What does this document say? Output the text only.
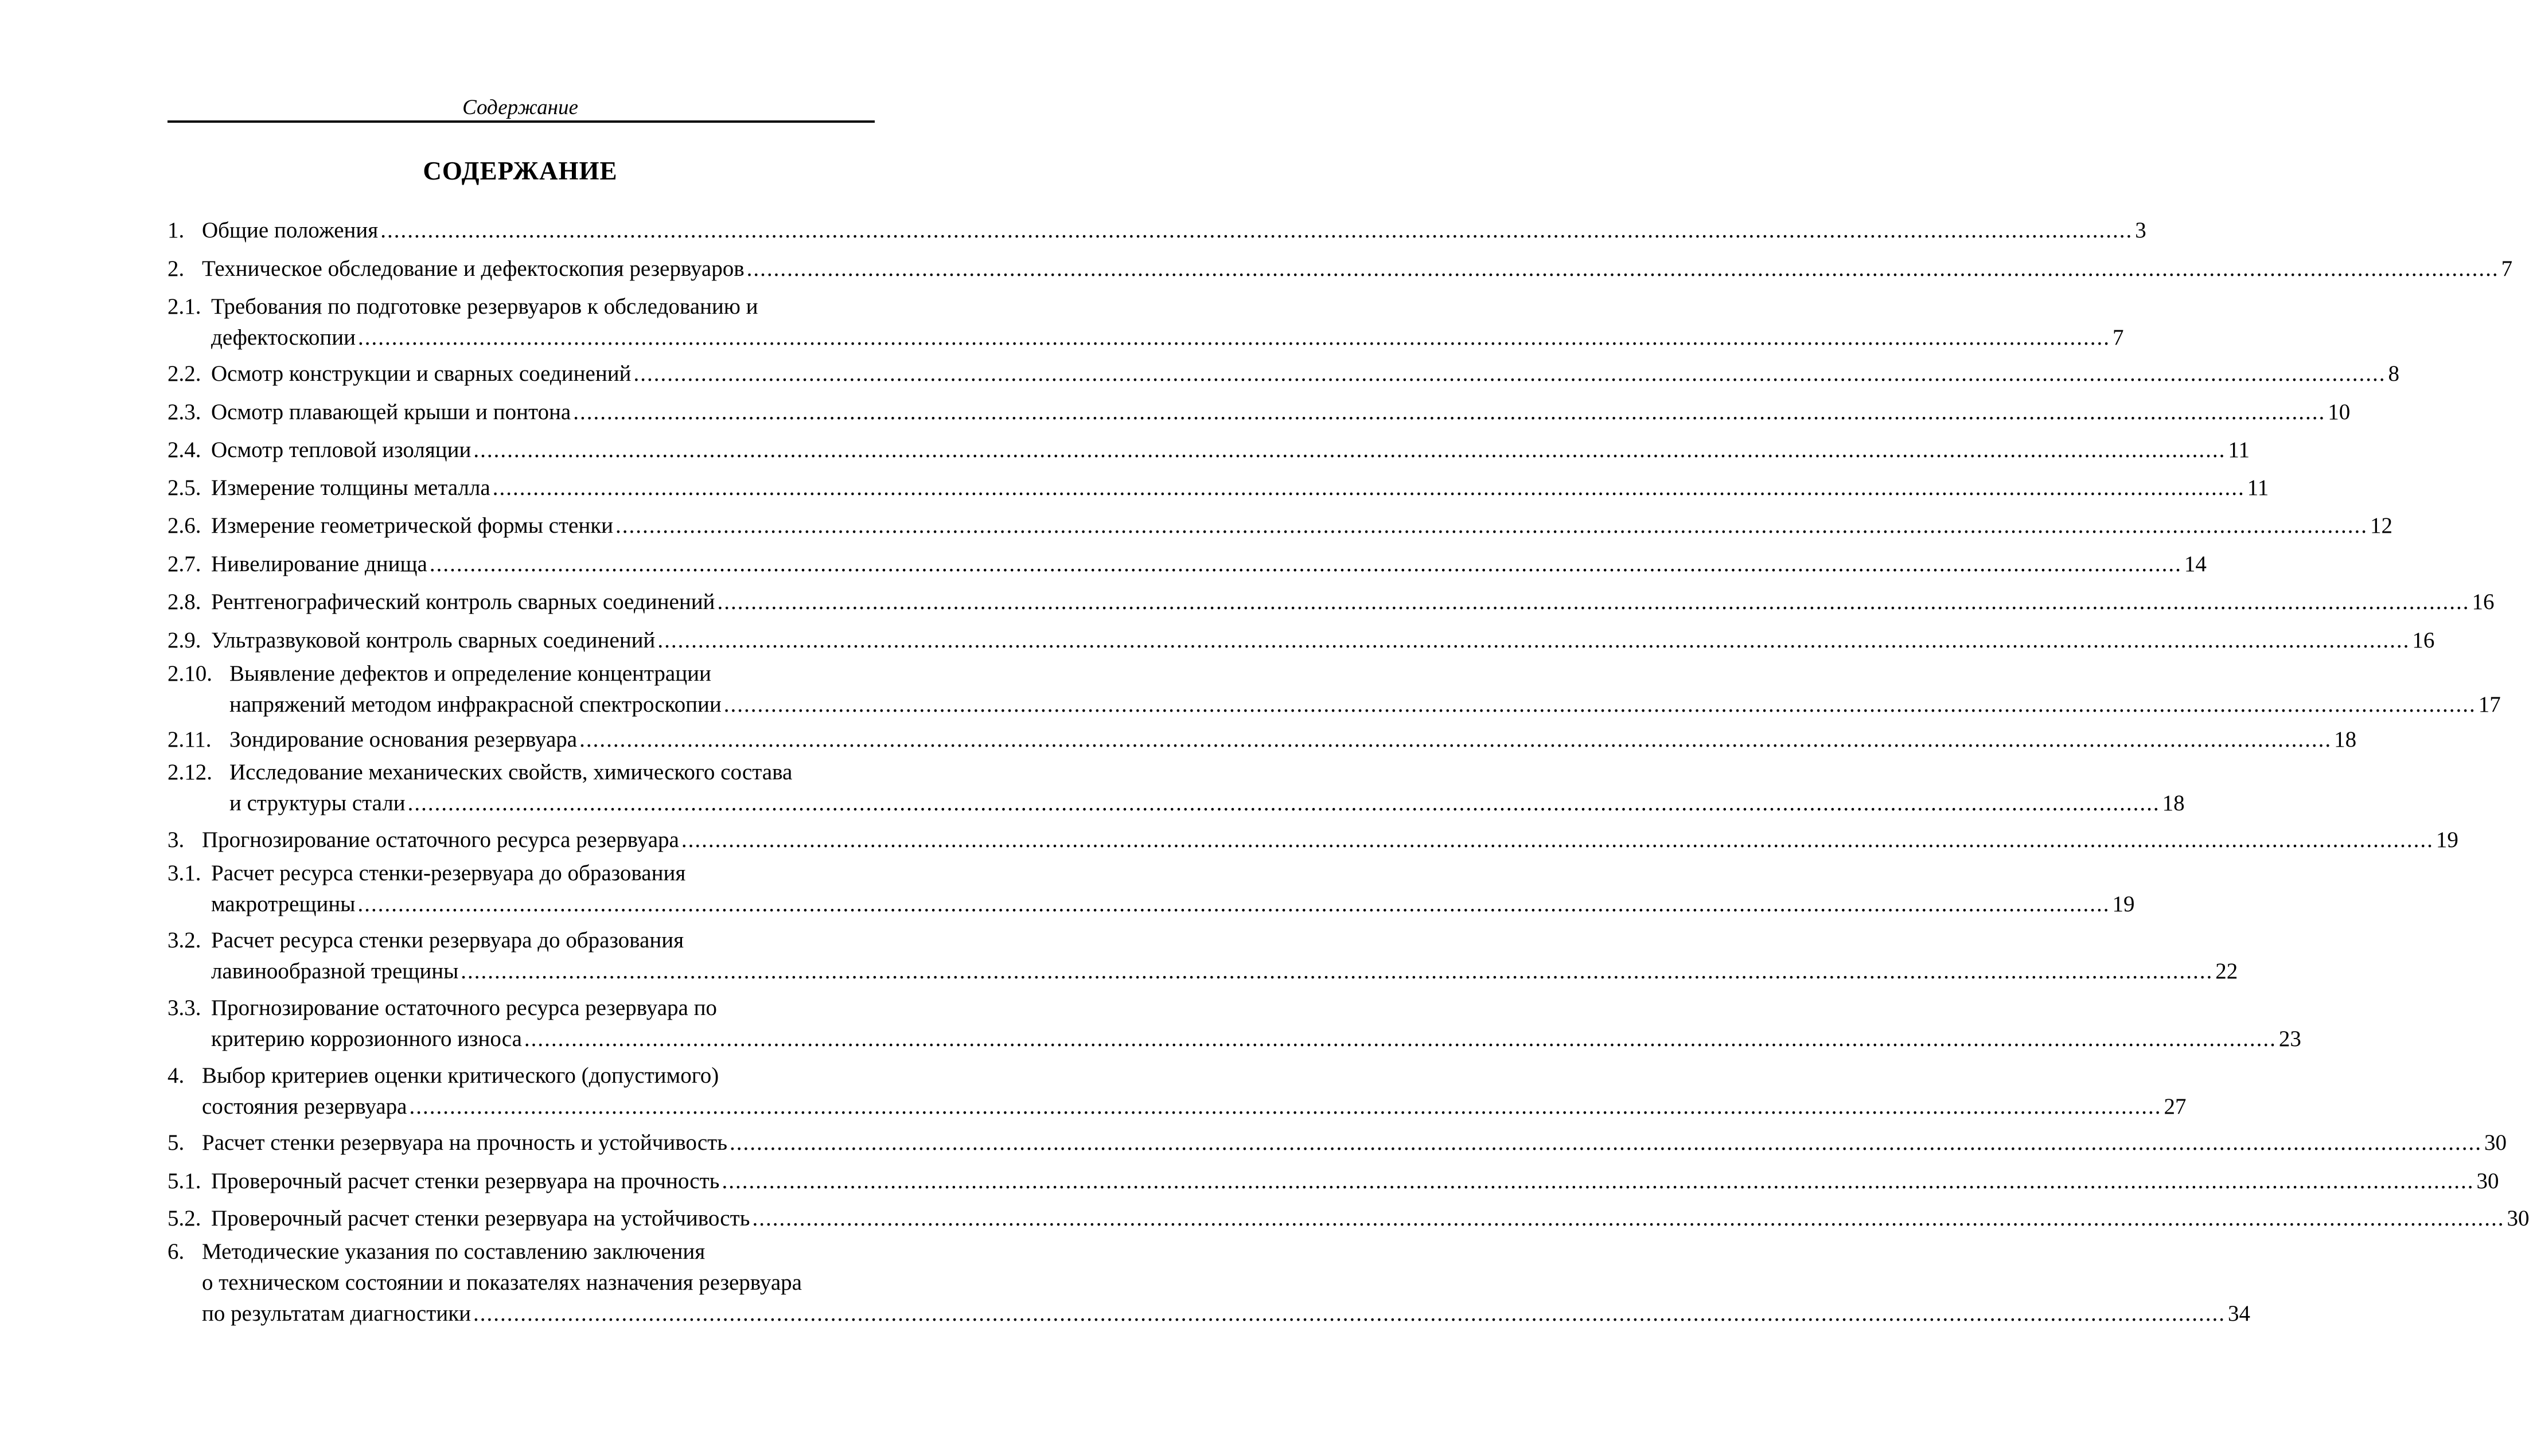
Содержание
СОДЕРЖАНИЕ
1. Общие положения .................................................................................................................................................................................................................................................................... 3
2. Техническое обследование и дефектоскопия резервуаров .................................................................................................................................................................................................................................................................... 7
2.1. Требования по подготовке резервуаров к обследованию и
дефектоскопии .................................................................................................................................................................................................................................................................... 7
2.2. Осмотр конструкции и сварных соединений .................................................................................................................................................................................................................................................................... 8
2.3. Осмотр плавающей крыши и понтона .................................................................................................................................................................................................................................................................... 10
2.4. Осмотр тепловой изоляции .................................................................................................................................................................................................................................................................... 11
2.5. Измерение толщины металла .................................................................................................................................................................................................................................................................... 11
2.6. Измерение геометрической формы стенки .................................................................................................................................................................................................................................................................... 12
2.7. Нивелирование днища .................................................................................................................................................................................................................................................................... 14
2.8. Рентгенографический контроль сварных соединений .................................................................................................................................................................................................................................................................... 16
2.9. Ультразвуковой контроль сварных соединений .................................................................................................................................................................................................................................................................... 16
2.10. Выявление дефектов и определение концентрации
напряжений методом инфракрасной спектроскопии .................................................................................................................................................................................................................................................................... 17
2.11. Зондирование основания резервуара .................................................................................................................................................................................................................................................................... 18
2.12. Исследование механических свойств, химического состава
и структуры стали .................................................................................................................................................................................................................................................................... 18
3. Прогнозирование остаточного ресурса резервуара .................................................................................................................................................................................................................................................................... 19
3.1. Расчет ресурса стенки-резервуара до образования
макротрещины .................................................................................................................................................................................................................................................................... 19
3.2. Расчет ресурса стенки резервуара до образования
лавинообразной трещины .................................................................................................................................................................................................................................................................... 22
3.3. Прогнозирование остаточного ресурса резервуара по
критерию коррозионного износа .................................................................................................................................................................................................................................................................... 23
4. Выбор критериев оценки критического (допустимого)
состояния резервуара .................................................................................................................................................................................................................................................................... 27
5. Расчет стенки резервуара на прочность и устойчивость .................................................................................................................................................................................................................................................................... 30
5.1. Проверочный расчет стенки резервуара на прочность .................................................................................................................................................................................................................................................................... 30
5.2. Проверочный расчет стенки резервуара на устойчивость .................................................................................................................................................................................................................................................................... 30
6. Методические указания по составлению заключения
о техническом состоянии и показателях назначения резервуара
по результатам диагностики .................................................................................................................................................................................................................................................................... 34
